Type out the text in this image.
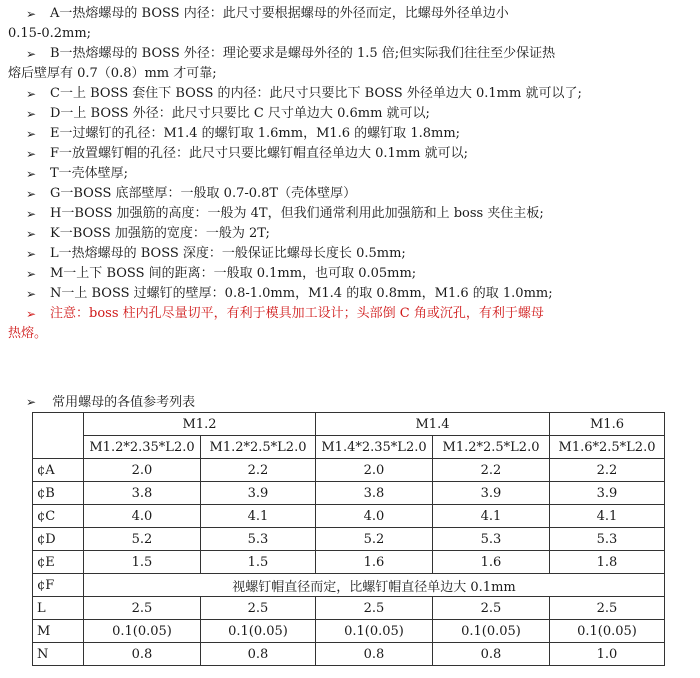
➢ A一热熔螺母的 BOSS 内径：此尺寸要根据螺母的外径而定，比螺母外径单边小
0.15-0.2mm;
➢ B一热熔螺母的 BOSS 外径：理论要求是螺母外径的 1.5 倍;但实际我们往往至少保证热
熔后壁厚有 0.7（0.8）mm 才可靠;
➢ C一上 BOSS 套住下 BOSS 的内径：此尺寸只要比下 BOSS 外径单边大 0.1mm 就可以了;
➢ D一上 BOSS 外径：此尺寸只要比 C 尺寸单边大 0.6mm 就可以;
➢ E一过螺钉的孔径：M1.4 的螺钉取 1.6mm，M1.6 的螺钉取 1.8mm;
➢ F一放置螺钉帽的孔径：此尺寸只要比螺钉帽直径单边大 0.1mm 就可以;
➢ T一壳体壁厚;
➢ G一BOSS 底部壁厚：一般取 0.7-0.8T（壳体壁厚）
➢ H一BOSS 加强筋的高度：一般为 4T，但我们通常利用此加强筋和上 boss 夹住主板;
➢ K一BOSS 加强筋的宽度：一般为 2T;
➢ L一热熔螺母的 BOSS 深度：一般保证比螺母长度长 0.5mm;
➢ M一上下 BOSS 间的距离：一般取 0.1mm，也可取 0.05mm;
➢ N一上 BOSS 过螺钉的壁厚：0.8-1.0mm，M1.4 的取 0.8mm，M1.6 的取 1.0mm;
➢ 注意：boss 柱内孔尽量切平，有利于模具加工设计；头部倒 C 角或沉孔，有利于螺母
热熔。
➢ 常用螺母的各值参考列表
	M1.2		M1.4		M1.6
	M1.2*2.35*L2.0	M1.2*2.5*L2.0	M1.4*2.35*L2.0	M1.2*2.5*L2.0	M1.6*2.5*L2.0
¢A	2.0	2.2	2.0	2.2	2.2
¢B	3.8	3.9	3.8	3.9	3.9
¢C	4.0	4.1	4.0	4.1	4.1
¢D	5.2	5.3	5.2	5.3	5.3
¢E	1.5	1.5	1.6	1.6	1.8
¢F	视螺钉帽直径而定，比螺钉帽直径单边大 0.1mm				
L	2.5	2.5	2.5	2.5	2.5
M	0.1(0.05)	0.1(0.05)	0.1(0.05)	0.1(0.05)	0.1(0.05)
N	0.8	0.8	0.8	0.8	1.0
